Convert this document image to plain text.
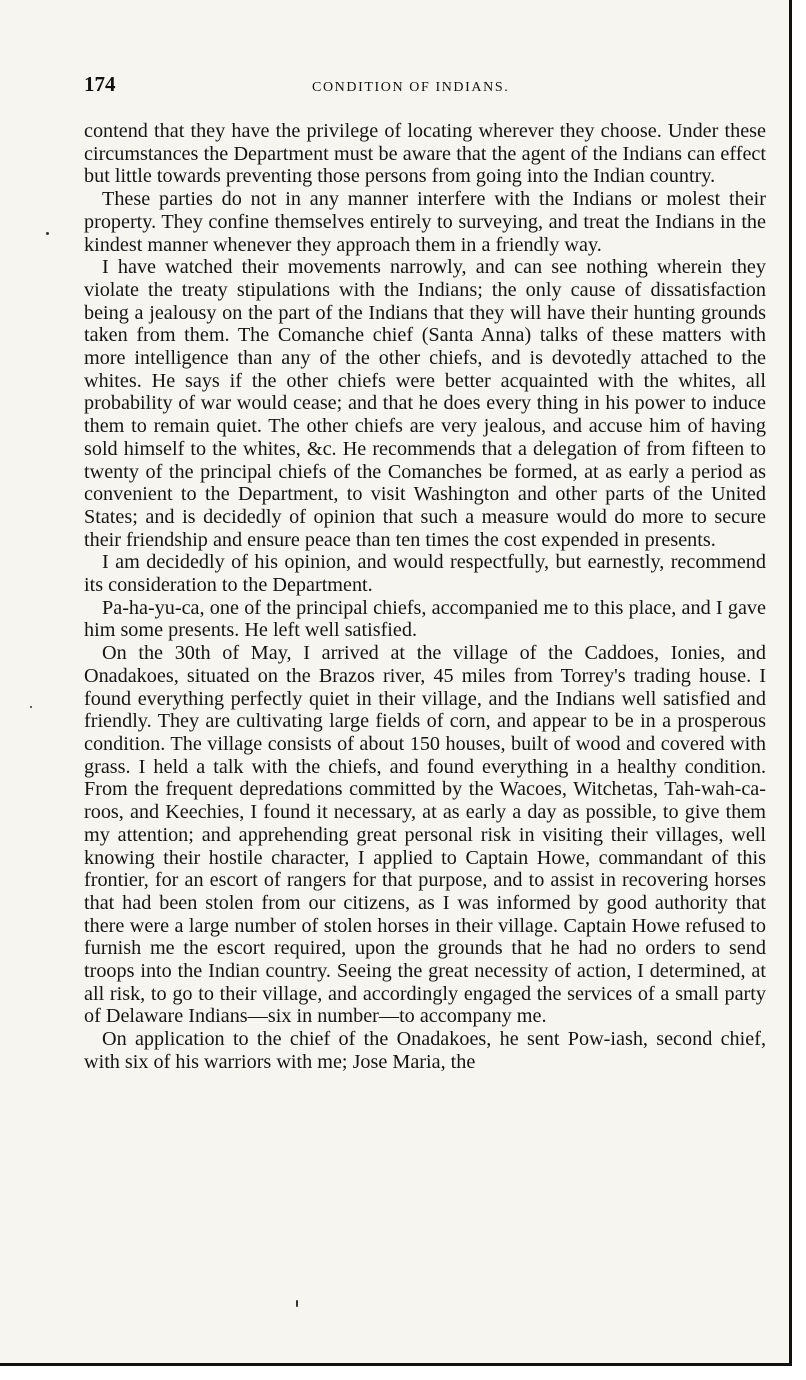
174	CONDITION OF INDIANS.

contend that they have the privilege of locating wherever they choose. Under these circumstances the Department must be aware that the agent of the Indians can effect but little towards preventing those persons from going into the Indian country.

These parties do not in any manner interfere with the Indians or molest their property. They confine themselves entirely to surveying, and treat the Indians in the kindest manner whenever they approach them in a friendly way.

I have watched their movements narrowly, and can see nothing wherein they violate the treaty stipulations with the Indians; the only cause of dissatisfaction being a jealousy on the part of the Indians that they will have their hunting grounds taken from them. The Comanche chief (Santa Anna) talks of these matters with more intelligence than any of the other chiefs, and is devotedly attached to the whites. He says if the other chiefs were better acquainted with the whites, all probability of war would cease; and that he does every thing in his power to induce them to remain quiet. The other chiefs are very jealous, and accuse him of having sold himself to the whites, &c. He recommends that a delegation of from fifteen to twenty of the principal chiefs of the Comanches be formed, at as early a period as convenient to the Department, to visit Washington and other parts of the United States; and is decidedly of opinion that such a measure would do more to secure their friendship and ensure peace than ten times the cost expended in presents.

I am decidedly of his opinion, and would respectfully, but earnestly, recommend its consideration to the Department.

Pa-ha-yu-ca, one of the principal chiefs, accompanied me to this place, and I gave him some presents. He left well satisfied.

On the 30th of May, I arrived at the village of the Caddoes, Ionies, and Onadakoes, situated on the Brazos river, 45 miles from Torrey's trading house. I found everything perfectly quiet in their village, and the Indians well satisfied and friendly. They are cultivating large fields of corn, and appear to be in a prosperous condition. The village consists of about 150 houses, built of wood and covered with grass. I held a talk with the chiefs, and found everything in a healthy condition. From the frequent depredations committed by the Wacoes, Witchetas, Tah-wah-ca-roos, and Keechies, I found it necessary, at as early a day as possible, to give them my attention; and apprehending great personal risk in visiting their villages, well knowing their hostile character, I applied to Captain Howe, commandant of this frontier, for an escort of rangers for that purpose, and to assist in recovering horses that had been stolen from our citizens, as I was informed by good authority that there were a large number of stolen horses in their village. Captain Howe refused to furnish me the escort required, upon the grounds that he had no orders to send troops into the Indian country. Seeing the great necessity of action, I determined, at all risk, to go to their village, and accordingly engaged the services of a small party of Delaware Indians—six in number—to accompany me.

On application to the chief of the Onadakoes, he sent Pow-iash, second chief, with six of his warriors with me; Jose Maria, the
